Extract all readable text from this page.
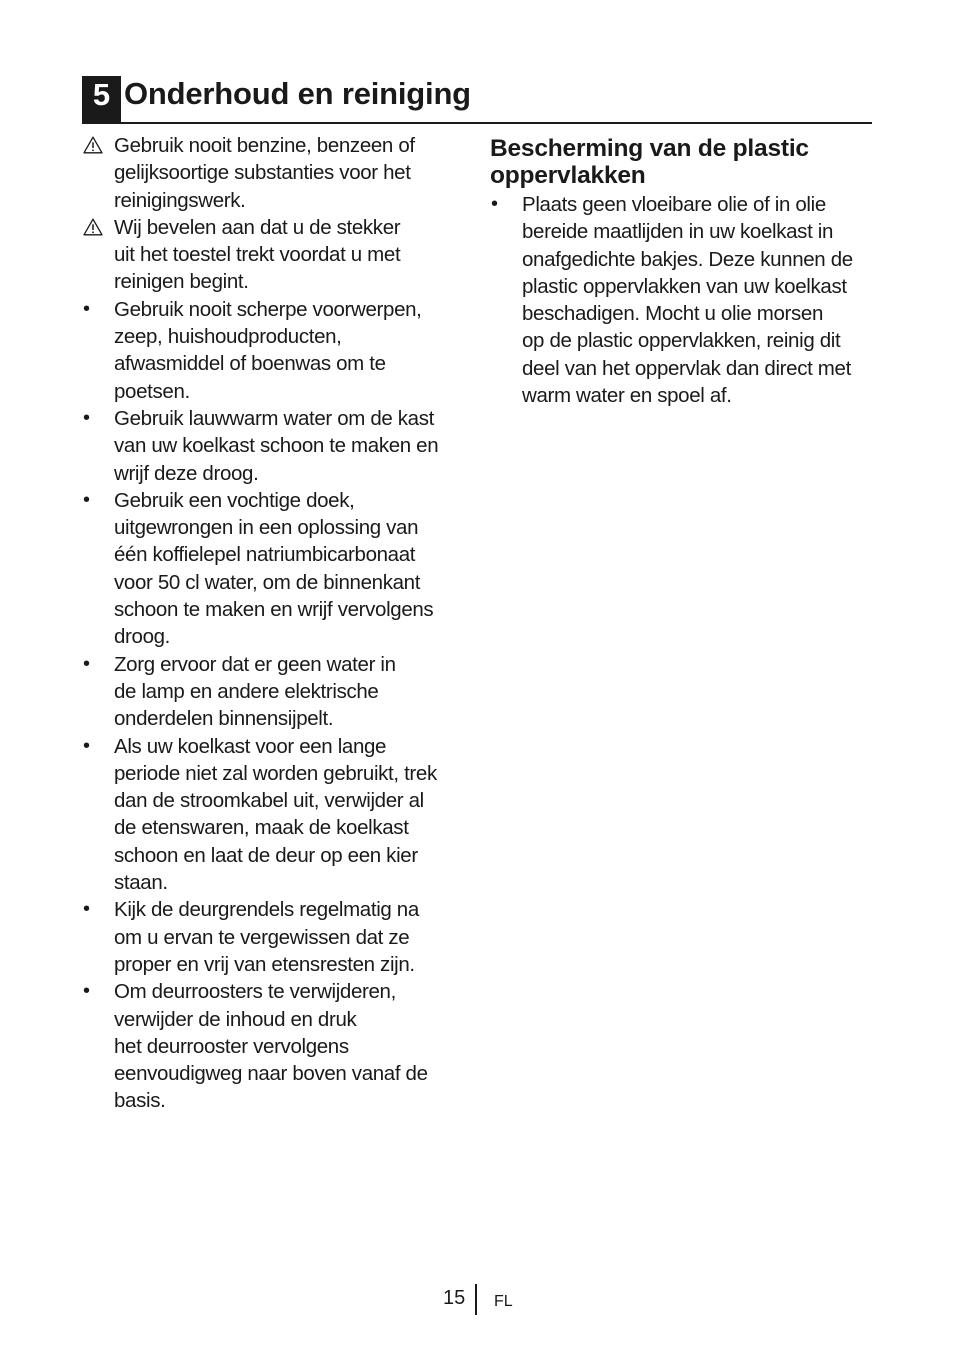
5 Onderhoud en reiniging
Gebruik nooit benzine, benzeen of
gelijksoortige substanties voor het
reinigingswerk.
Wij bevelen aan dat u de stekker
uit het toestel trekt voordat u met
reinigen begint.
•	Gebruik nooit scherpe voorwerpen,
zeep, huishoudproducten,
afwasmiddel of boenwas om te
poetsen.
•	Gebruik lauwwarm water om de kast
van uw koelkast schoon te maken en
wrijf deze droog.
•	Gebruik een vochtige doek,
uitgewrongen in een oplossing van
één koffielepel natriumbicarbonaat
voor 50 cl water, om de binnenkant
schoon te maken en wrijf vervolgens
droog.
•	Zorg ervoor dat er geen water in
de lamp en andere elektrische
onderdelen binnensijpelt.
•	Als uw koelkast voor een lange
periode niet zal worden gebruikt, trek
dan de stroomkabel uit, verwijder al
de etenswaren, maak de koelkast
schoon en laat de deur op een kier
staan.
•	Kijk de deurgrendels regelmatig na
om u ervan te vergewissen dat ze
proper en vrij van etensresten zijn.
•	Om deurroosters te verwijderen,
verwijder de inhoud en druk
het deurrooster vervolgens
eenvoudigweg naar boven vanaf de
basis.
Bescherming van de plastic
oppervlakken
•	Plaats geen vloeibare olie of in olie
bereide maatlijden in uw koelkast in
onafgedichte bakjes. Deze kunnen de
plastic oppervlakken van uw koelkast
beschadigen. Mocht u olie morsen
op de plastic oppervlakken, reinig dit
deel van het oppervlak dan direct met
warm water en spoel af.
15 FL
